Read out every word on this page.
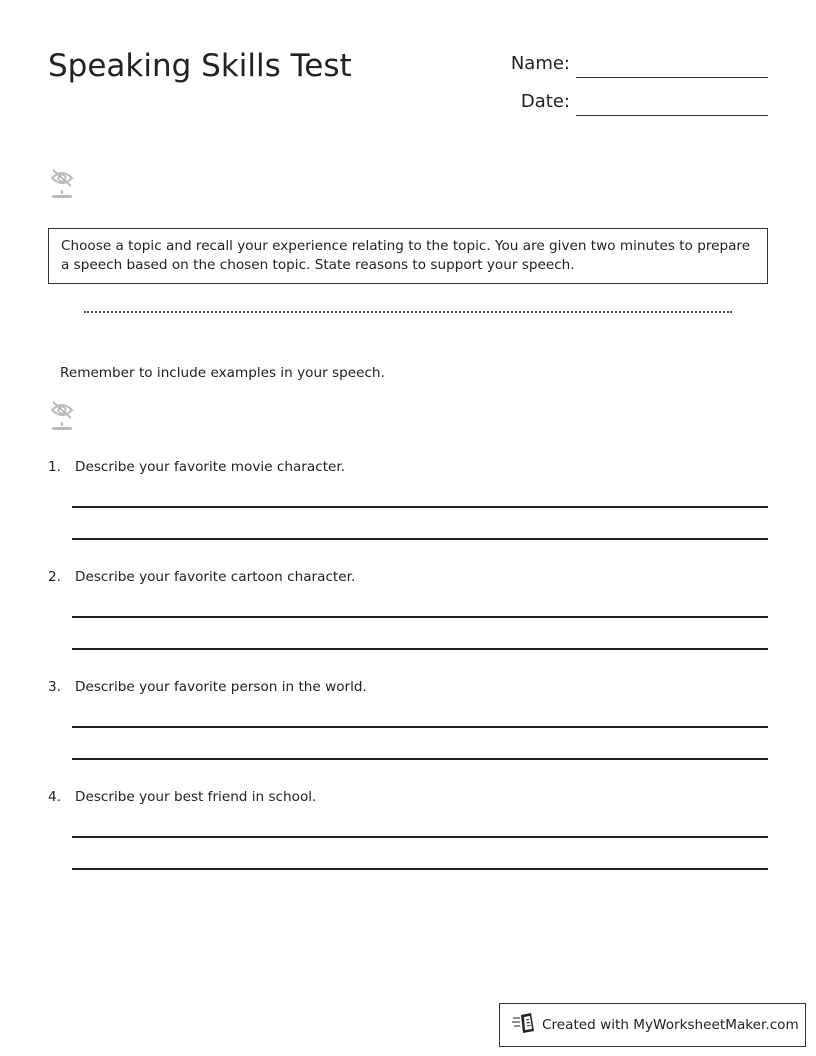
Speaking Skills Test	Name:
Date:
Choose a topic and recall your experience relating to the topic. You are given two minutes to prepare a speech based on the chosen topic. State reasons to support your speech.
Remember to include examples in your speech.
1. Describe your favorite movie character.
2. Describe your favorite cartoon character.
3. Describe your favorite person in the world.
4. Describe your best friend in school.
Created with MyWorksheetMaker.com
